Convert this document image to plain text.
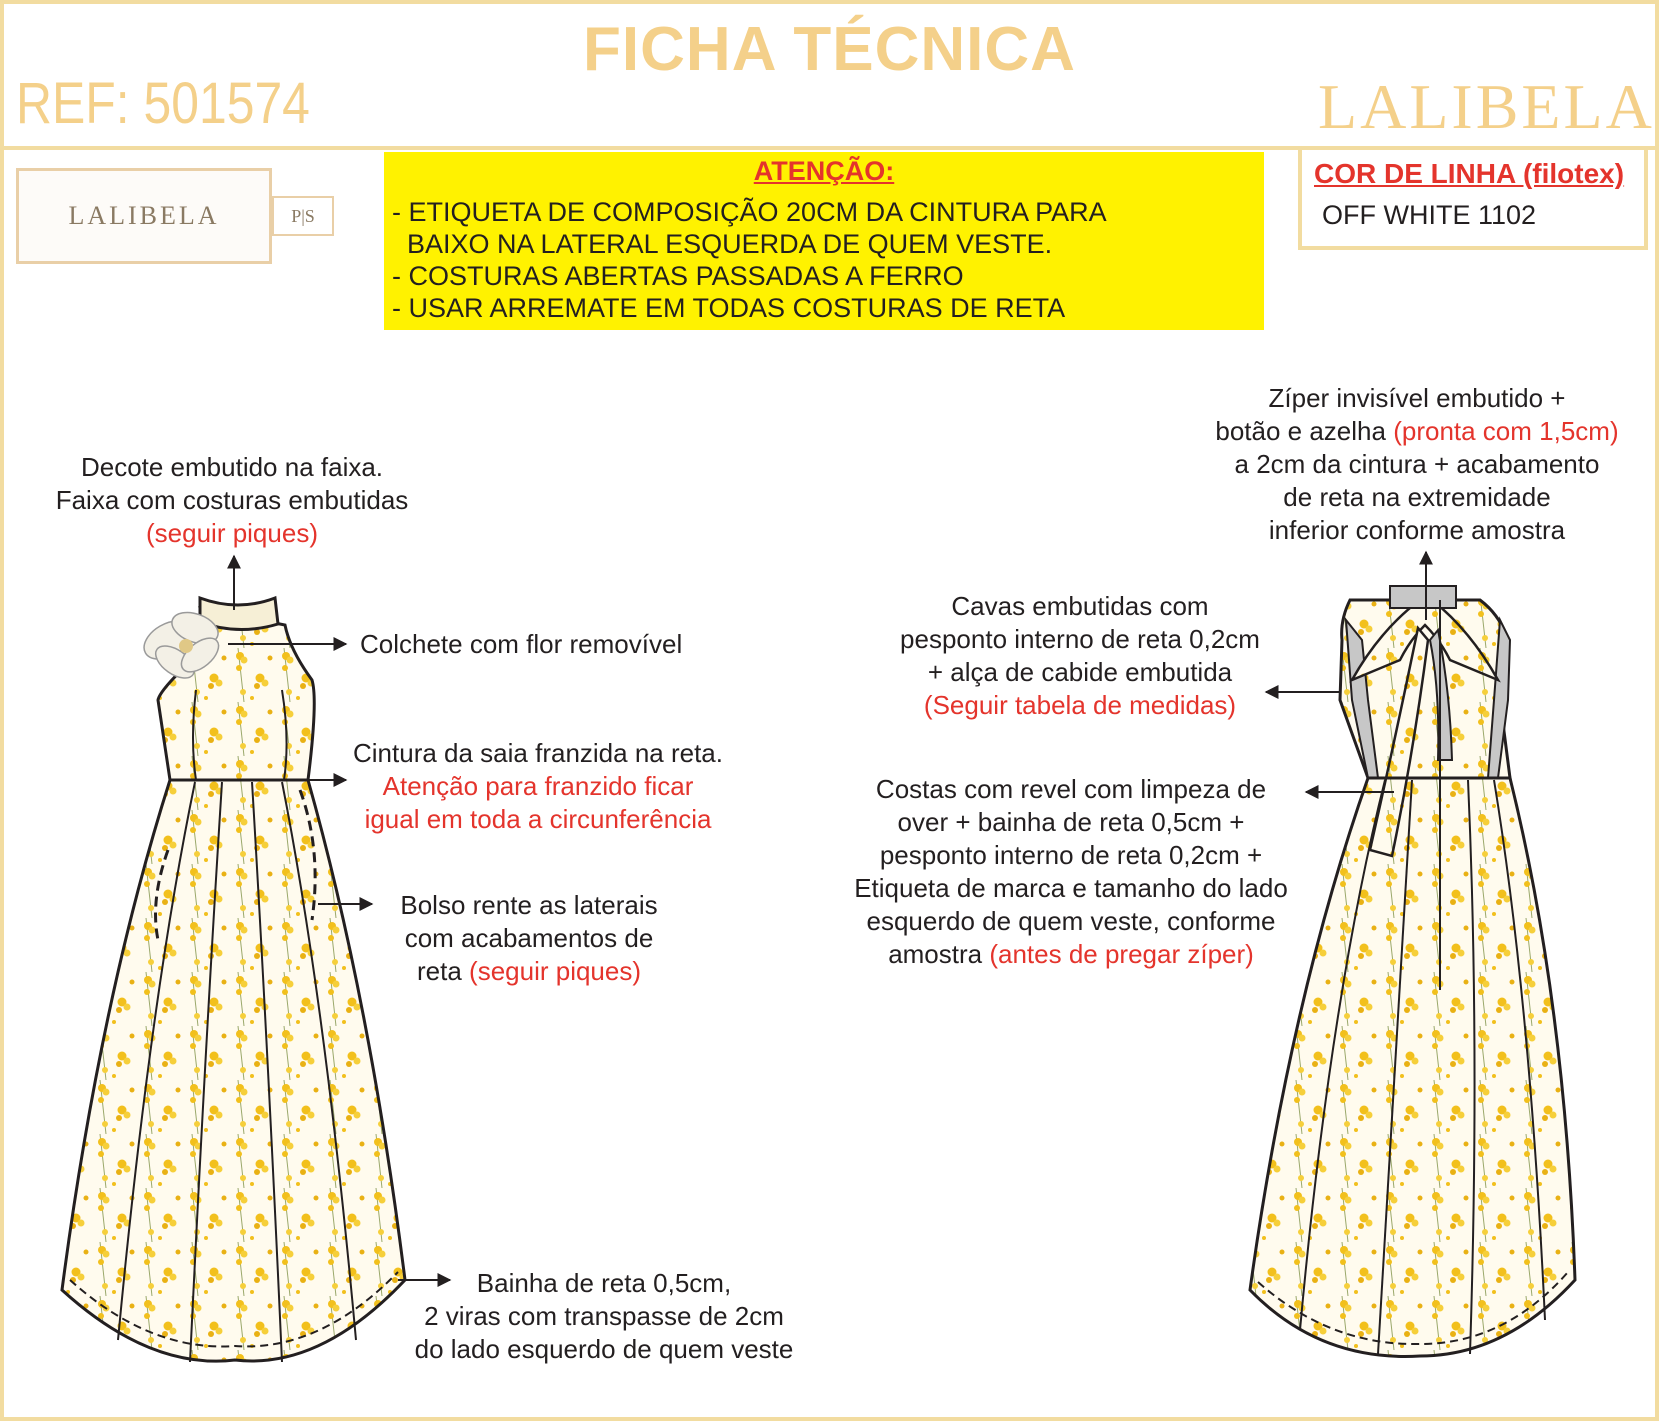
FICHA TÉCNICA
REF: 501574	LALIBELA
LALIBELA	P|S
ATENÇÃO:
- ETIQUETA DE COMPOSIÇÃO 20CM DA CINTURA PARA
BAIXO NA LATERAL ESQUERDA DE QUEM VESTE.
- COSTURAS ABERTAS PASSADAS A FERRO
- USAR ARREMATE EM TODAS COSTURAS DE RETA
COR DE LINHA (filotex)
OFF WHITE 1102
Decote embutido na faixa.
Faixa com costuras embutidas
(seguir piques)
Colchete com flor removível
Cintura da saia franzida na reta.
Atenção para franzido ficar
igual em toda a circunferência
Bolso rente as laterais
com acabamentos de
reta (seguir piques)
Bainha de reta 0,5cm,
2 viras com transpasse de 2cm
do lado esquerdo de quem veste
Zíper invisível embutido +
botão e azelha (pronta com 1,5cm)
a 2cm da cintura + acabamento
de reta na extremidade
inferior conforme amostra
Cavas embutidas com
pesponto interno de reta 0,2cm
+ alça de cabide embutida
(Seguir tabela de medidas)
Costas com revel com limpeza de
over + bainha de reta 0,5cm +
pesponto interno de reta 0,2cm +
Etiqueta de marca e tamanho do lado
esquerdo de quem veste, conforme
amostra (antes de pregar zíper)
